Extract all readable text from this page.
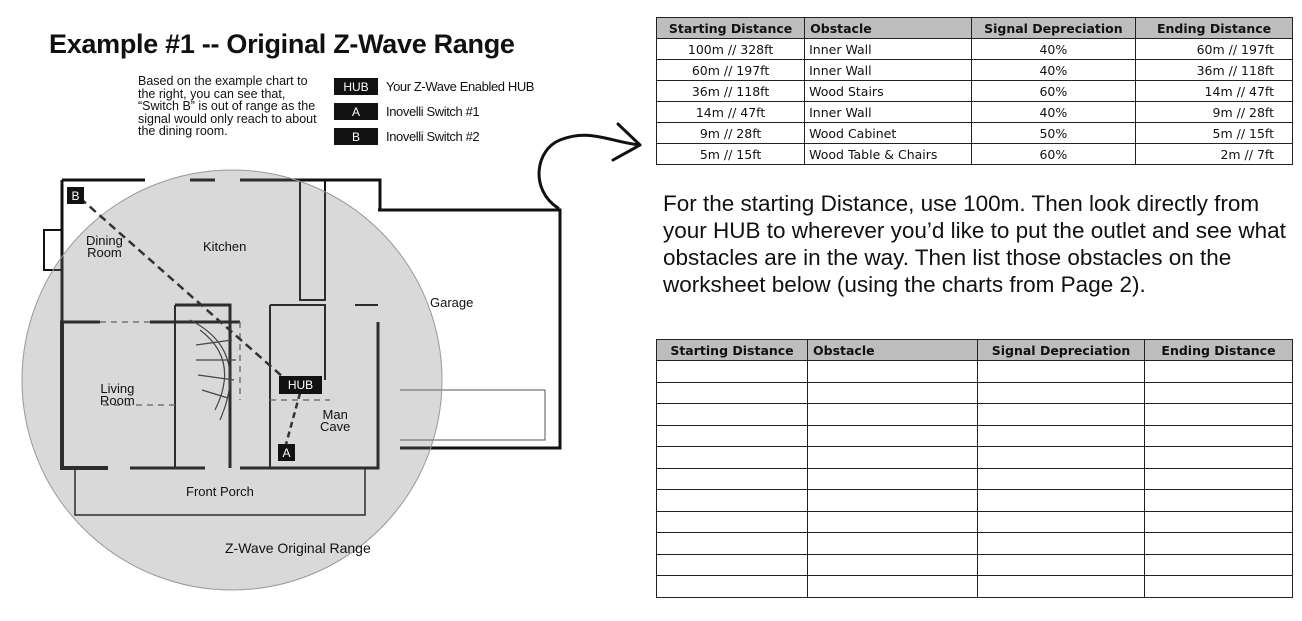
Example #1 -- Original Z-Wave Range
Based on the example chart to the right, you can see that, “Switch B” is out of range as the signal would only reach to about the dining room.
HUB	Your Z-Wave Enabled HUB
A	Inovelli Switch #1
B	Inovelli Switch #2
Dining
Room	Kitchen
Garage
Living
Room
Man
Cave
Front Porch
Z-Wave Original Range
HUB
A
B
Starting Distance	Obstacle	Signal Depreciation	Ending Distance
100m // 328ft	Inner Wall	40%	60m // 197ft
60m // 197ft	Inner Wall	40%	36m // 118ft
36m // 118ft	Wood Stairs	60%	14m // 47ft
14m // 47ft	Inner Wall	40%	9m // 28ft
9m // 28ft	Wood Cabinet	50%	5m // 15ft
5m // 15ft	Wood Table & Chairs	60%	2m // 7ft
For the starting Distance, use 100m. Then look directly from your HUB to wherever you’d like to put the outlet and see what obstacles are in the way. Then list those obstacles on the worksheet below (using the charts from Page 2).
Starting Distance	Obstacle	Signal Depreciation	Ending Distance
